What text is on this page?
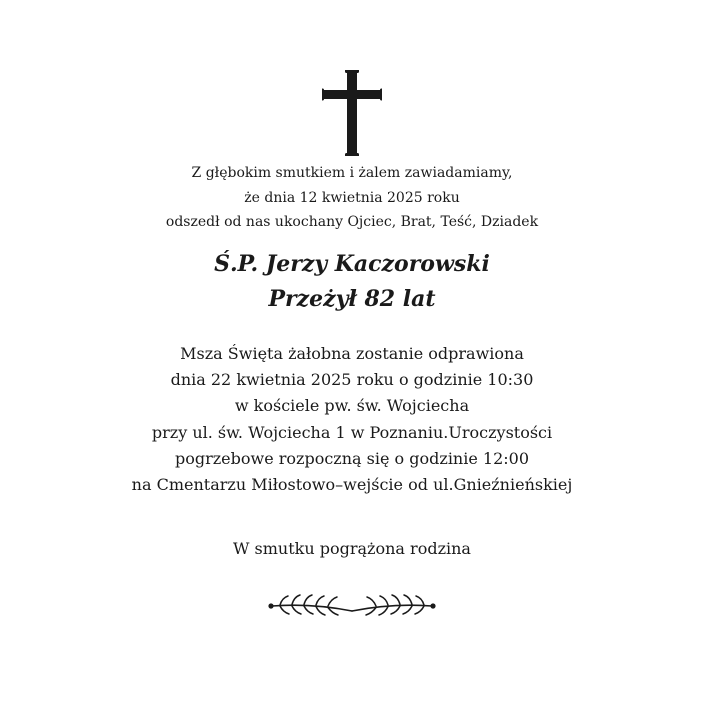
Z głębokim smutkiem i żalem zawiadamiamy,
że dnia 12 kwietnia 2025 roku
odszedł od nas ukochany Ojciec, Brat, Teść, Dziadek
Ś.P. Jerzy Kaczorowski
Przeżył 82 lat
Msza Święta żałobna zostanie odprawiona
dnia 22 kwietnia 2025 roku o godzinie 10:30
w kościele pw. św. Wojciecha
przy ul. św. Wojciecha 1 w Poznaniu.Uroczystości
pogrzebowe rozpoczną się o godzinie 12:00
na Cmentarzu Miłostowo–wejście od ul.Gnieźnieńskiej
W smutku pogrążona rodzina
